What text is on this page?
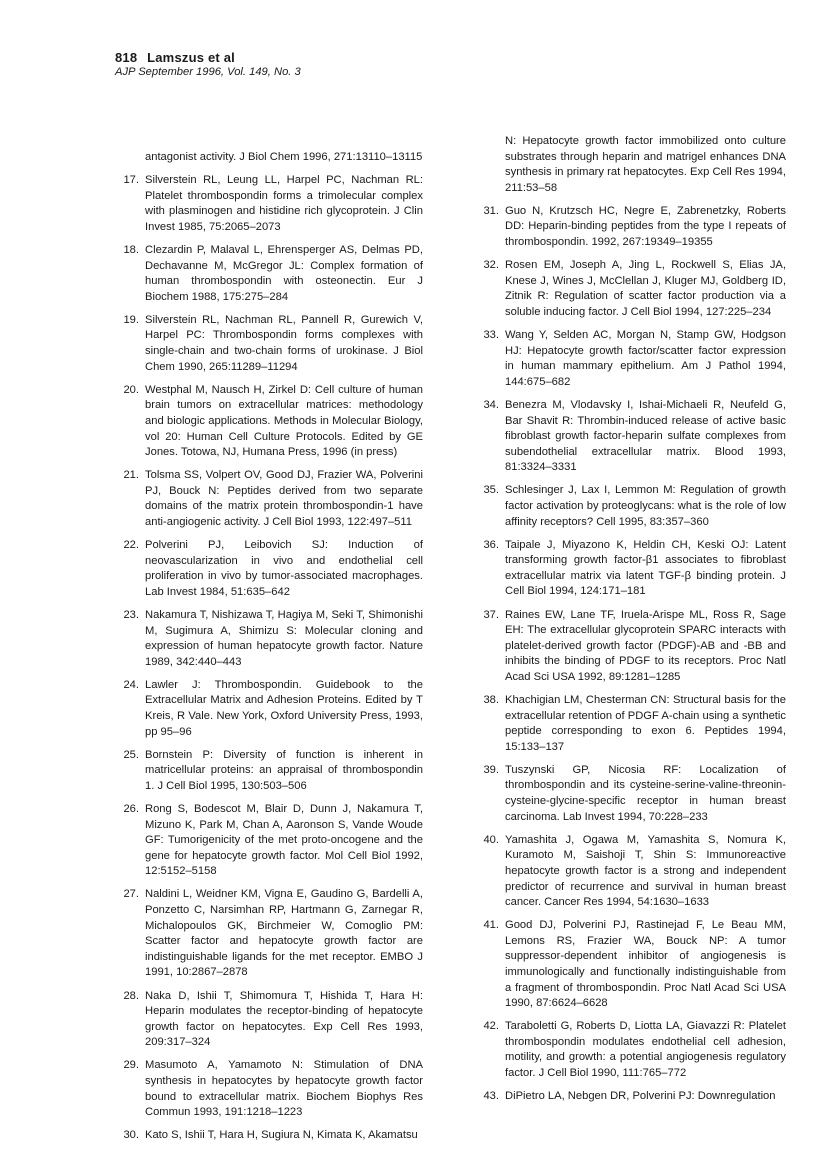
818 Lamszus et al
AJP September 1996, Vol. 149, No. 3
antagonist activity. J Biol Chem 1996, 271:13110–13115
17. Silverstein RL, Leung LL, Harpel PC, Nachman RL: Platelet thrombospondin forms a trimolecular complex with plasminogen and histidine rich glycoprotein. J Clin Invest 1985, 75:2065–2073
18. Clezardin P, Malaval L, Ehrensperger AS, Delmas PD, Dechavanne M, McGregor JL: Complex formation of human thrombospondin with osteonectin. Eur J Biochem 1988, 175:275–284
19. Silverstein RL, Nachman RL, Pannell R, Gurewich V, Harpel PC: Thrombospondin forms complexes with single-chain and two-chain forms of urokinase. J Biol Chem 1990, 265:11289–11294
20. Westphal M, Nausch H, Zirkel D: Cell culture of human brain tumors on extracellular matrices: methodology and biologic applications. Methods in Molecular Biology, vol 20: Human Cell Culture Protocols. Edited by GE Jones. Totowa, NJ, Humana Press, 1996 (in press)
21. Tolsma SS, Volpert OV, Good DJ, Frazier WA, Polverini PJ, Bouck N: Peptides derived from two separate domains of the matrix protein thrombospondin-1 have anti-angiogenic activity. J Cell Biol 1993, 122:497–511
22. Polverini PJ, Leibovich SJ: Induction of neovascularization in vivo and endothelial cell proliferation in vivo by tumor-associated macrophages. Lab Invest 1984, 51:635–642
23. Nakamura T, Nishizawa T, Hagiya M, Seki T, Shimonishi M, Sugimura A, Shimizu S: Molecular cloning and expression of human hepatocyte growth factor. Nature 1989, 342:440–443
24. Lawler J: Thrombospondin. Guidebook to the Extracellular Matrix and Adhesion Proteins. Edited by T Kreis, R Vale. New York, Oxford University Press, 1993, pp 95–96
25. Bornstein P: Diversity of function is inherent in matricellular proteins: an appraisal of thrombospondin 1. J Cell Biol 1995, 130:503–506
26. Rong S, Bodescot M, Blair D, Dunn J, Nakamura T, Mizuno K, Park M, Chan A, Aaronson S, Vande Woude GF: Tumorigenicity of the met proto-oncogene and the gene for hepatocyte growth factor. Mol Cell Biol 1992, 12:5152–5158
27. Naldini L, Weidner KM, Vigna E, Gaudino G, Bardelli A, Ponzetto C, Narsimhan RP, Hartmann G, Zarnegar R, Michalopoulos GK, Birchmeier W, Comoglio PM: Scatter factor and hepatocyte growth factor are indistinguishable ligands for the met receptor. EMBO J 1991, 10:2867–2878
28. Naka D, Ishii T, Shimomura T, Hishida T, Hara H: Heparin modulates the receptor-binding of hepatocyte growth factor on hepatocytes. Exp Cell Res 1993, 209:317–324
29. Masumoto A, Yamamoto N: Stimulation of DNA synthesis in hepatocytes by hepatocyte growth factor bound to extracellular matrix. Biochem Biophys Res Commun 1993, 191:1218–1223
30. Kato S, Ishii T, Hara H, Sugiura N, Kimata K, Akamatsu
N: Hepatocyte growth factor immobilized onto culture substrates through heparin and matrigel enhances DNA synthesis in primary rat hepatocytes. Exp Cell Res 1994, 211:53–58
31. Guo N, Krutzsch HC, Negre E, Zabrenetzky, Roberts DD: Heparin-binding peptides from the type I repeats of thrombospondin. 1992, 267:19349–19355
32. Rosen EM, Joseph A, Jing L, Rockwell S, Elias JA, Knese J, Wines J, McClellan J, Kluger MJ, Goldberg ID, Zitnik R: Regulation of scatter factor production via a soluble inducing factor. J Cell Biol 1994, 127:225–234
33. Wang Y, Selden AC, Morgan N, Stamp GW, Hodgson HJ: Hepatocyte growth factor/scatter factor expression in human mammary epithelium. Am J Pathol 1994, 144:675–682
34. Benezra M, Vlodavsky I, Ishai-Michaeli R, Neufeld G, Bar Shavit R: Thrombin-induced release of active basic fibroblast growth factor-heparin sulfate complexes from subendothelial extracellular matrix. Blood 1993, 81:3324–3331
35. Schlesinger J, Lax I, Lemmon M: Regulation of growth factor activation by proteoglycans: what is the role of low affinity receptors? Cell 1995, 83:357–360
36. Taipale J, Miyazono K, Heldin CH, Keski OJ: Latent transforming growth factor-β1 associates to fibroblast extracellular matrix via latent TGF-β binding protein. J Cell Biol 1994, 124:171–181
37. Raines EW, Lane TF, Iruela-Arispe ML, Ross R, Sage EH: The extracellular glycoprotein SPARC interacts with platelet-derived growth factor (PDGF)-AB and -BB and inhibits the binding of PDGF to its receptors. Proc Natl Acad Sci USA 1992, 89:1281–1285
38. Khachigian LM, Chesterman CN: Structural basis for the extracellular retention of PDGF A-chain using a synthetic peptide corresponding to exon 6. Peptides 1994, 15:133–137
39. Tuszynski GP, Nicosia RF: Localization of thrombospondin and its cysteine-serine-valine-threonin-cysteine-glycine-specific receptor in human breast carcinoma. Lab Invest 1994, 70:228–233
40. Yamashita J, Ogawa M, Yamashita S, Nomura K, Kuramoto M, Saishoji T, Shin S: Immunoreactive hepatocyte growth factor is a strong and independent predictor of recurrence and survival in human breast cancer. Cancer Res 1994, 54:1630–1633
41. Good DJ, Polverini PJ, Rastinejad F, Le Beau MM, Lemons RS, Frazier WA, Bouck NP: A tumor suppressor-dependent inhibitor of angiogenesis is immunologically and functionally indistinguishable from a fragment of thrombospondin. Proc Natl Acad Sci USA 1990, 87:6624–6628
42. Taraboletti G, Roberts D, Liotta LA, Giavazzi R: Platelet thrombospondin modulates endothelial cell adhesion, motility, and growth: a potential angiogenesis regulatory factor. J Cell Biol 1990, 111:765–772
43. DiPietro LA, Nebgen DR, Polverini PJ: Downregulation
